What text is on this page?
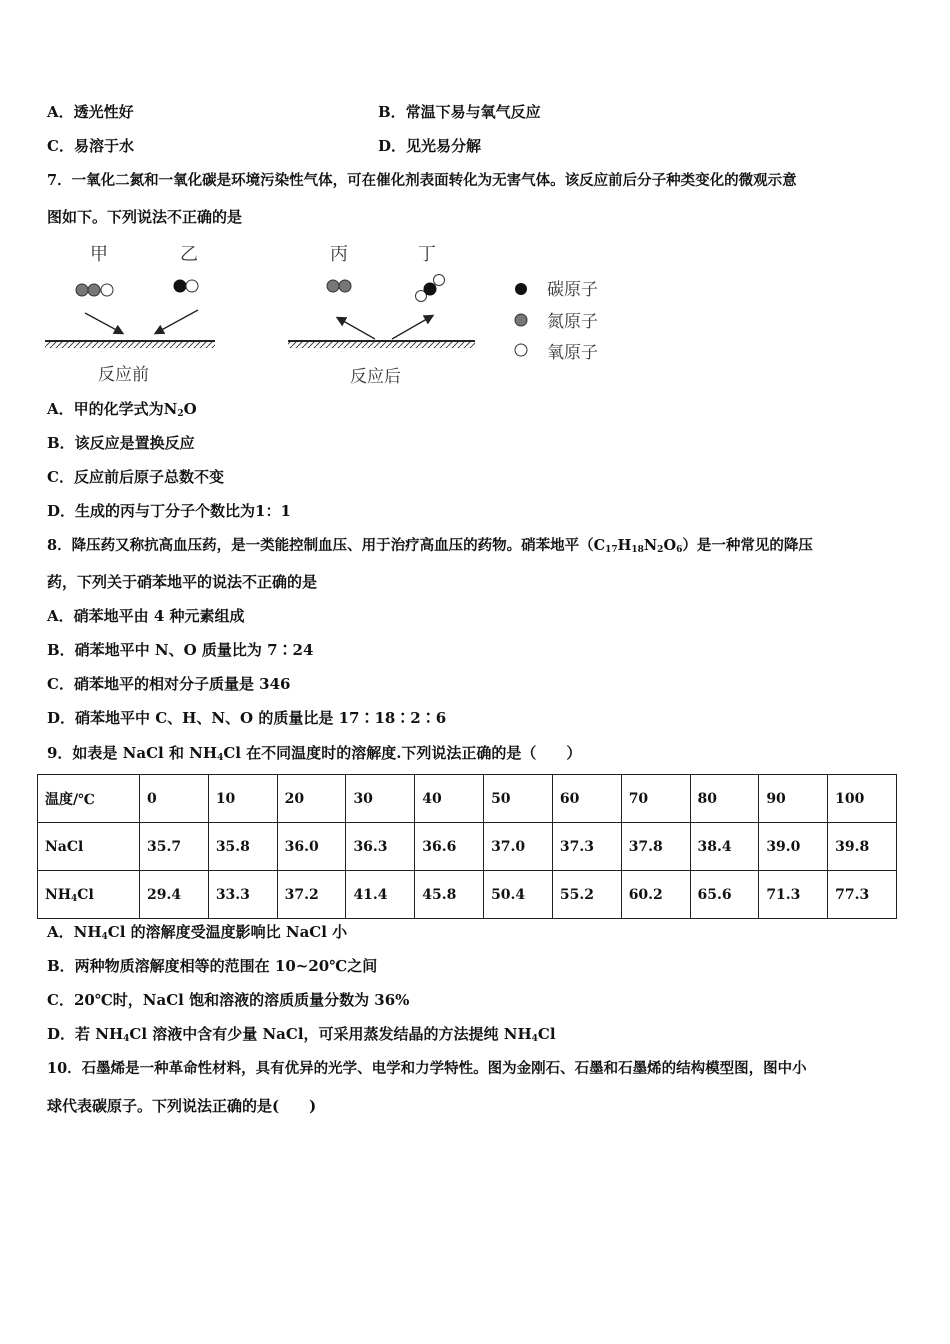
A．透光性好	B．常温下易与氧气反应
C．易溶于水	D．见光易分解
7．一氧化二氮和一氧化碳是环境污染性气体，可在催化剂表面转化为无害气体。该反应前后分子种类变化的微观示意
图如下。下列说法不正确的是
甲	乙
反应前
丙	丁
反应后
碳原子
氮原子
氧原子
A．甲的化学式为$N_2O$
B．该反应是置换反应
C．反应前后原子总数不变
D．生成的丙与丁分子个数比为1：1
8．降压药又称抗高血压药，是一类能控制血压、用于治疗高血压的药物。硝苯地平$(C_{17}H_{18}N_2O_6)$是一种常见的降压
药，下列关于硝苯地平的说法不正确的是
A．硝苯地平由 4 种元素组成
B．硝苯地平中 N、O 质量比为 7∶24
C．硝苯地平的相对分子质量是 346
D．硝苯地平中 C、H、N、O 的质量比是 17∶18∶2∶6
9．如表是 NaCl 和 $NH_4Cl$ 在不同温度时的溶解度.下列说法正确的是（　　）
温度/℃	0	10	20	30	40	50	60	70	80	90	100
NaCl	35.7	35.8	36.0	36.3	36.6	37.0	37.3	37.8	38.4	39.0	39.8
$NH_4Cl$	29.4	33.3	37.2	41.4	45.8	50.4	55.2	60.2	65.6	71.3	77.3
A．$NH_4Cl$ 的溶解度受温度影响比 NaCl 小
B．两种物质溶解度相等的范围在 10~20℃之间
C．20℃时，NaCl 饱和溶液的溶质质量分数为 36%
D．若 $NH_4Cl$ 溶液中含有少量 NaCl，可采用蒸发结晶的方法提纯 $NH_4Cl$
10．石墨烯是一种革命性材料，具有优异的光学、电学和力学特性。图为金刚石、石墨和石墨烯的结构模型图，图中小
球代表碳原子。下列说法正确的是(　　)
